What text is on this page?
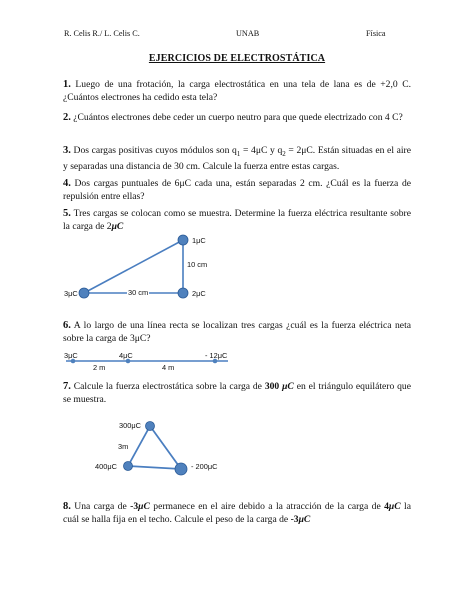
R. Celis R./ L. Celis C.	UNAB	Física
EJERCICIOS DE ELECTROSTÁTICA
1. Luego de una frotación, la carga electrostática en una tela de lana es de +2,0 C. ¿Cuántos electrones ha cedido esta tela?
2. ¿Cuántos electrones debe ceder un cuerpo neutro para que quede electrizado con 4 C?
3. Dos cargas positivas cuyos módulos son $q_1 = 4\mu C$ y $q_2 = 2\mu C$. Están situadas en el aire y separadas una distancia de 30 cm. Calcule la fuerza entre estas cargas.
4. Dos cargas puntuales de 6μC cada una, están separadas 2 cm. ¿Cuál es la fuerza de repulsión entre ellas?
5. Tres cargas se colocan como se muestra. Determine la fuerza eléctrica resultante sobre la carga de 2μC
6. A lo largo de una línea recta se localizan tres cargas ¿cuál es la fuerza eléctrica neta sobre la carga de 3μC?
7. Calcule la fuerza electrostática sobre la carga de 300 μC en el triángulo equilátero que se muestra.
8. Una carga de -3μC permanece en el aire debido a la atracción de la carga de 4μC la cuál se halla fija en el techo. Calcule el peso de la carga de -3μC
1μC
10 cm
3μC	30 cm	2μC
3μC	4μC	- 12μC
2 m	4 m
300μC
3m
400μC	- 200μC
